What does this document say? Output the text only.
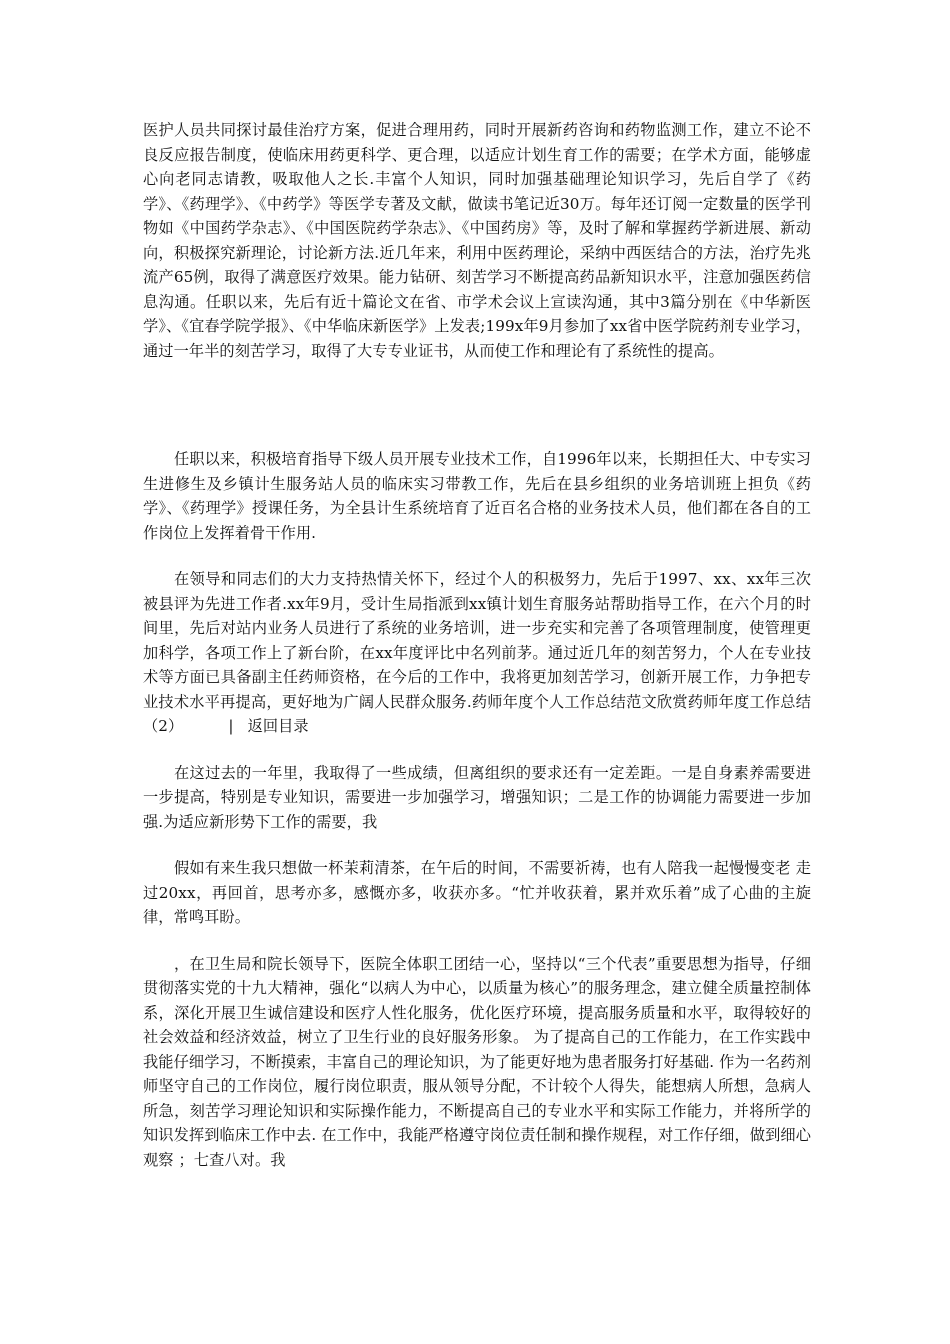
医护人员共同探讨最佳治疗方案，促进合理用药，同时开展新药咨询和药物监测工作，建立不论不良反应报告制度，使临床用药更科学、更合理，以适应计划生育工作的需要；在学术方面，能够虚心向老同志请教，吸取他人之长.丰富个人知识，同时加强基础理论知识学习，先后自学了《药学》、《药理学》、《中药学》等医学专著及文献，做读书笔记近30万。每年还订阅一定数量的医学刊物如《中国药学杂志》、《中国医院药学杂志》、《中国药房》等，及时了解和掌握药学新进展、新动向，积极探究新理论，讨论新方法.近几年来，利用中医药理论，采纳中西医结合的方法，治疗先兆流产65例，取得了满意医疗效果。能力钻研、刻苦学习不断提高药品新知识水平，注意加强医药信息沟通。任职以来，先后有近十篇论文在省、市学术会议上宣读沟通，其中3篇分别在《中华新医学》、《宜春学院学报》、《中华临床新医学》上发表;199x年9月参加了xx省中医学院药剂专业学习，通过一年半的刻苦学习，取得了大专专业证书，从而使工作和理论有了系统性的提高。

任职以来，积极培育指导下级人员开展专业技术工作，自1996年以来，长期担任大、中专实习生进修生及乡镇计生服务站人员的临床实习带教工作，先后在县乡组织的业务培训班上担负《药学》、《药理学》授课任务，为全县计生系统培育了近百名合格的业务技术人员，他们都在各自的工作岗位上发挥着骨干作用.

在领导和同志们的大力支持热情关怀下，经过个人的积极努力，先后于1997、xx、xx年三次被县评为先进工作者.xx年9月，受计生局指派到xx镇计划生育服务站帮助指导工作，在六个月的时间里，先后对站内业务人员进行了系统的业务培训，进一步充实和完善了各项管理制度，使管理更加科学，各项工作上了新台阶，在xx年度评比中名列前茅。通过近几年的刻苦努力，个人在专业技术等方面已具备副主任药师资格，在今后的工作中，我将更加刻苦学习，创新开展工作，力争把专业技术水平再提高，更好地为广阔人民群众服务.药师年度个人工作总结范文欣赏药师年度工作总结（2）	| 返回目录

在这过去的一年里，我取得了一些成绩，但离组织的要求还有一定差距。一是自身素养需要进一步提高，特别是专业知识，需要进一步加强学习，增强知识；二是工作的协调能力需要进一步加强.为适应新形势下工作的需要，我

假如有来生我只想做一杯茉莉清茶，在午后的时间，不需要祈祷，也有人陪我一起慢慢变老 走过20xx，再回首，思考亦多，感慨亦多，收获亦多。“忙并收获着，累并欢乐着”成了心曲的主旋律，常鸣耳盼。

，在卫生局和院长领导下，医院全体职工团结一心，坚持以“三个代表”重要思想为指导，仔细贯彻落实党的十九大精神，强化“以病人为中心，以质量为核心”的服务理念，建立健全质量控制体系，深化开展卫生诚信建设和医疗人性化服务，优化医疗环境，提高服务质量和水平，取得较好的社会效益和经济效益，树立了卫生行业的良好服务形象。 为了提高自己的工作能力，在工作实践中我能仔细学习，不断摸索，丰富自己的理论知识，为了能更好地为患者服务打好基础. 作为一名药剂师坚守自己的工作岗位，履行岗位职责，服从领导分配，不计较个人得失，能想病人所想，急病人所急，刻苦学习理论知识和实际操作能力，不断提高自己的专业水平和实际工作能力，并将所学的知识发挥到临床工作中去. 在工作中，我能严格遵守岗位责任制和操作规程，对工作仔细，做到细心观察 ；七查八对。我
